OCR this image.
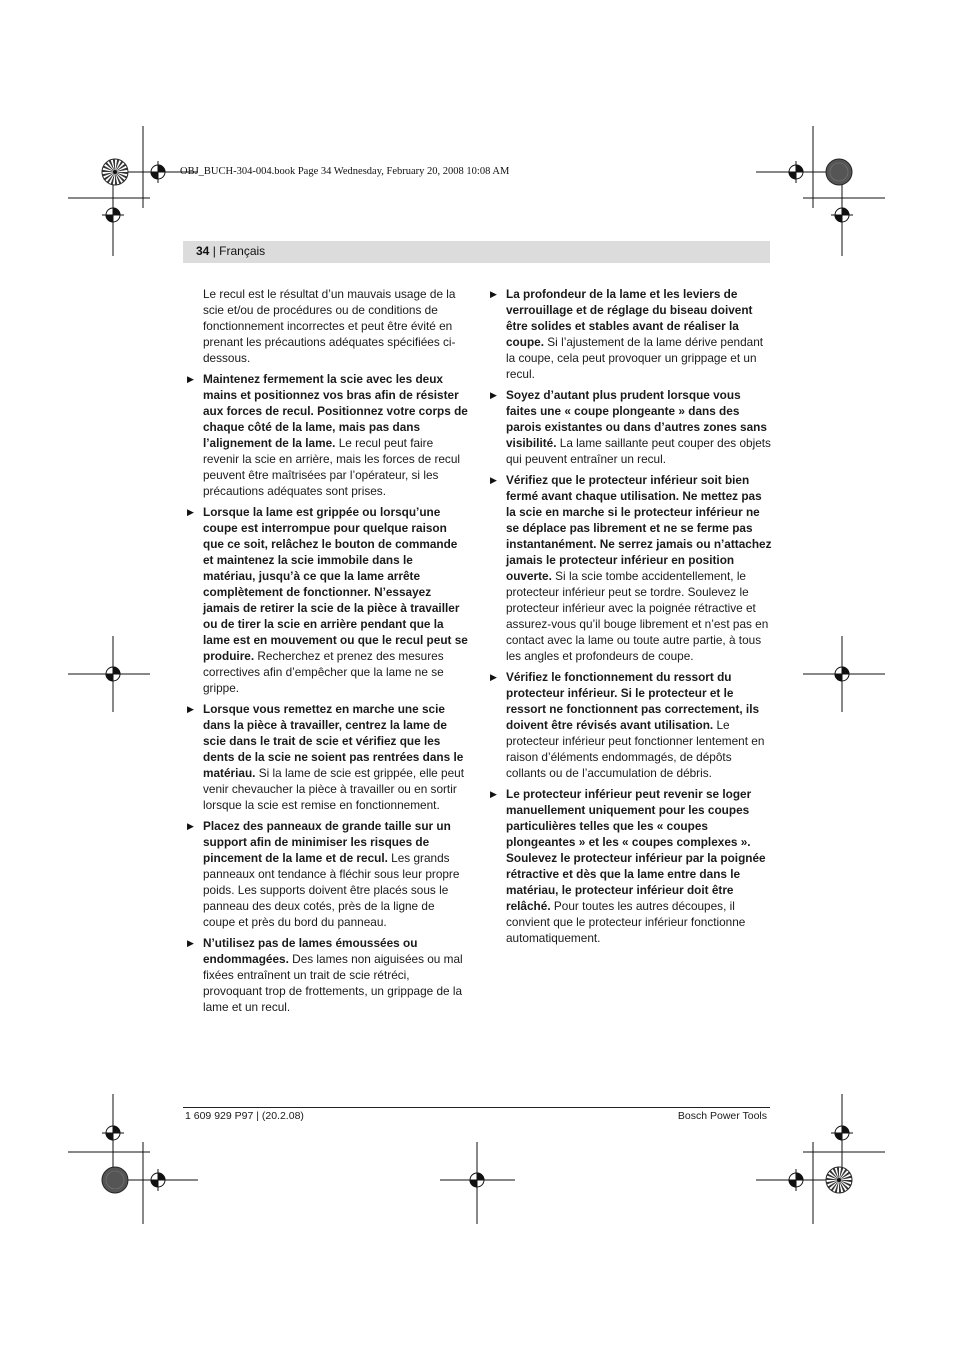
OBJ_BUCH-304-004.book Page 34 Wednesday, February 20, 2008 10:08 AM
34 | Français

Le recul est le résultat d’un mauvais usage de la scie et/ou de procédures ou de conditions de fonctionnement incorrectes et peut être évité en prenant les précautions adéquates spécifiées ci-dessous.

▶ Maintenez fermement la scie avec les deux mains et positionnez vos bras afin de résister aux forces de recul. Positionnez votre corps de chaque côté de la lame, mais pas dans l’alignement de la lame. Le recul peut faire revenir la scie en arrière, mais les forces de recul peuvent être maîtrisées par l’opérateur, si les précautions adéquates sont prises.

▶ Lorsque la lame est grippée ou lorsqu’une coupe est interrompue pour quelque raison que ce soit, relâchez le bouton de commande et maintenez la scie immobile dans le matériau, jusqu’à ce que la lame arrête complètement de fonctionner. N’essayez jamais de retirer la scie de la pièce à travailler ou de tirer la scie en arrière pendant que la lame est en mouvement ou que le recul peut se produire. Recherchez et prenez des mesures correctives afin d’empêcher que la lame ne se grippe.

▶ Lorsque vous remettez en marche une scie dans la pièce à travailler, centrez la lame de scie dans le trait de scie et vérifiez que les dents de la scie ne soient pas rentrées dans le matériau. Si la lame de scie est grippée, elle peut venir chevaucher la pièce à travailler ou en sortir lorsque la scie est remise en fonctionnement.

▶ Placez des panneaux de grande taille sur un support afin de minimiser les risques de pincement de la lame et de recul. Les grands panneaux ont tendance à fléchir sous leur propre poids. Les supports doivent être placés sous le panneau des deux cotés, près de la ligne de coupe et près du bord du panneau.

▶ N’utilisez pas de lames émoussées ou endommagées. Des lames non aiguisées ou mal fixées entraînent un trait de scie rétréci, provoquant trop de frottements, un grippage de la lame et un recul.

▶ La profondeur de la lame et les leviers de verrouillage et de réglage du biseau doivent être solides et stables avant de réaliser la coupe. Si l’ajustement de la lame dérive pendant la coupe, cela peut provoquer un grippage et un recul.

▶ Soyez d’autant plus prudent lorsque vous faites une « coupe plongeante » dans des parois existantes ou dans d’autres zones sans visibilité. La lame saillante peut couper des objets qui peuvent entraîner un recul.

▶ Vérifiez que le protecteur inférieur soit bien fermé avant chaque utilisation. Ne mettez pas la scie en marche si le protecteur inférieur ne se déplace pas librement et ne se ferme pas instantanément. Ne serrez jamais ou n’attachez jamais le protecteur inférieur en position ouverte. Si la scie tombe accidentellement, le protecteur inférieur peut se tordre. Soulevez le protecteur inférieur avec la poignée rétractive et assurez-vous qu’il bouge librement et n’est pas en contact avec la lame ou toute autre partie, à tous les angles et profondeurs de coupe.

▶ Vérifiez le fonctionnement du ressort du protecteur inférieur. Si le protecteur et le ressort ne fonctionnent pas correctement, ils doivent être révisés avant utilisation. Le protecteur inférieur peut fonctionner lentement en raison d’éléments endommagés, de dépôts collants ou de l’accumulation de débris.

▶ Le protecteur inférieur peut revenir se loger manuellement uniquement pour les coupes particulières telles que les « coupes plongeantes » et les « coupes complexes ». Soulevez le protecteur inférieur par la poignée rétractive et dès que la lame entre dans le matériau, le protecteur inférieur doit être relâché. Pour toutes les autres découpes, il convient que le protecteur inférieur fonctionne automatiquement.

1 609 929 P97 | (20.2.08)	Bosch Power Tools
